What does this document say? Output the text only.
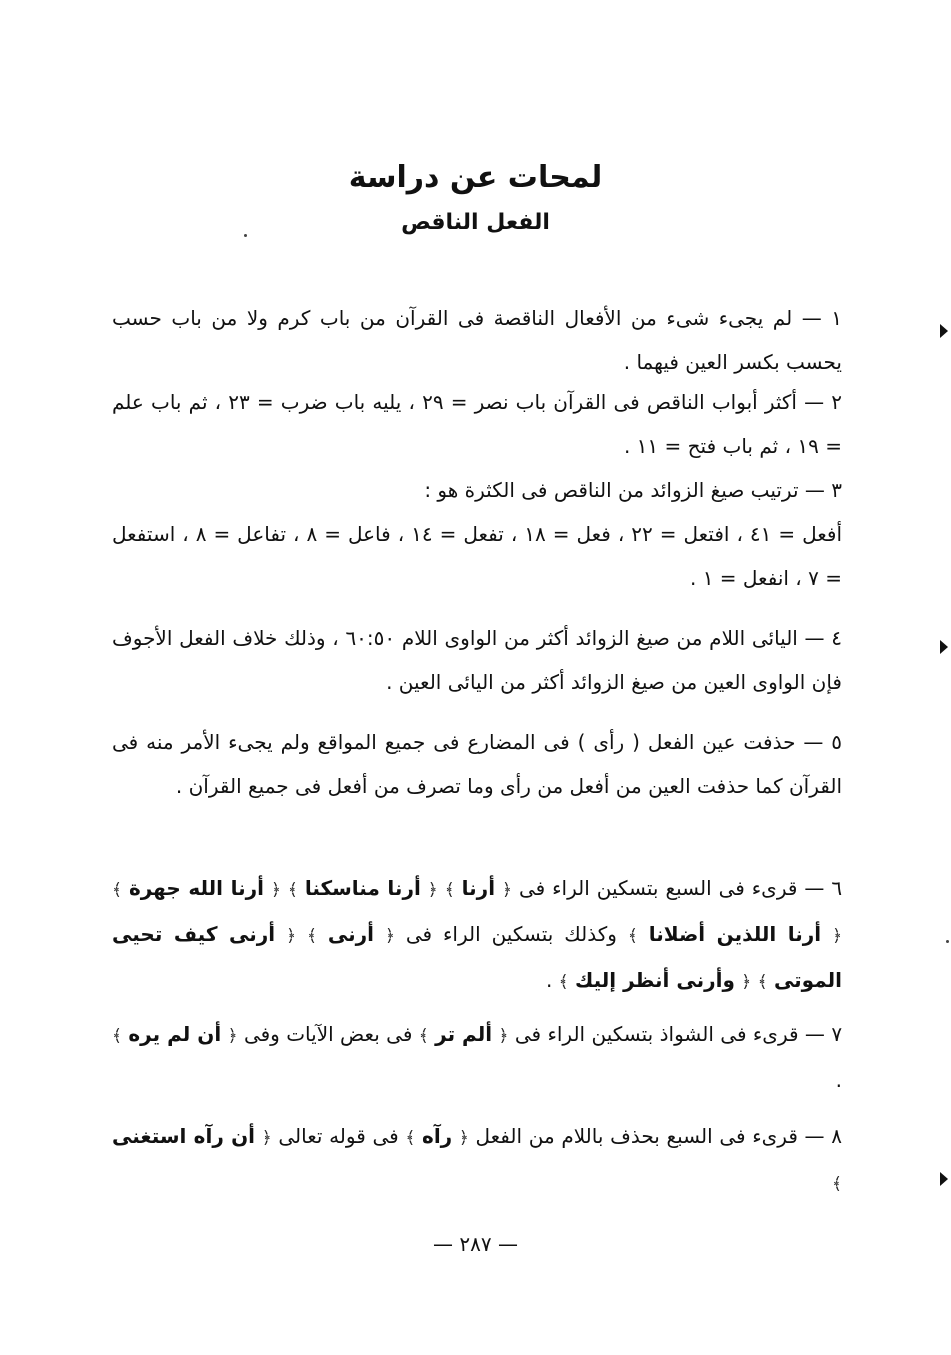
لمحات عن دراسة
الفعل الناقص

١ — لم يجىء شىء من الأفعال الناقصة فى القرآن من باب كرم ولا من باب حسب يحسب بكسر العين فيهما .

٢ — أكثر أبواب الناقص فى القرآن باب نصر = ٢٩ ، يليه باب ضرب = ٢٣ ، ثم باب علم = ١٩ ، ثم باب فتح = ١١ .

٣ — ترتيب صيغ الزوائد من الناقص فى الكثرة هو :
أفعل = ٤١ ، افتعل = ٢٢ ، فعل = ١٨ ، تفعل = ١٤ ، فاعل = ٨ ، تفاعل = ٨ ، استفعل = ٧ ، انفعل = ١ .

٤ — اليائى اللام من صيغ الزوائد أكثر من الواوى اللام ٦٠:٥٠ ، وذلك خلاف الفعل الأجوف فإن الواوى العين من صيغ الزوائد أكثر من اليائى العين .

٥ — حذفت عين الفعل ( رأى ) فى المضارع فى جميع المواقع ولم يجىء الأمر منه فى القرآن كما حذفت العين من أفعل من رأى وما تصرف من أفعل فى جميع القرآن .

٦ — قرىء فى السبع بتسكين الراء فى ﴿ أرنا ﴾ ﴿ أرنا مناسكنا ﴾ ﴿ أرنا الله جهرة ﴾ ﴿ أرنا اللذين أضلانا ﴾ وكذلك بتسكين الراء فى ﴿ أرنى ﴾ ﴿ أرنى كيف تحيى الموتى ﴾ ﴿ وأرنى أنظر إليك ﴾ .

٧ — قرىء فى الشواذ بتسكين الراء فى ﴿ ألم تر ﴾ فى بعض الآيات وفى ﴿ أن لم يره ﴾ .

٨ — قرىء فى السبع بحذف باللام من الفعل ﴿ رآه ﴾ فى قوله تعالى ﴿ أن رآه استغنى ﴾

— ٢٨٧ —
